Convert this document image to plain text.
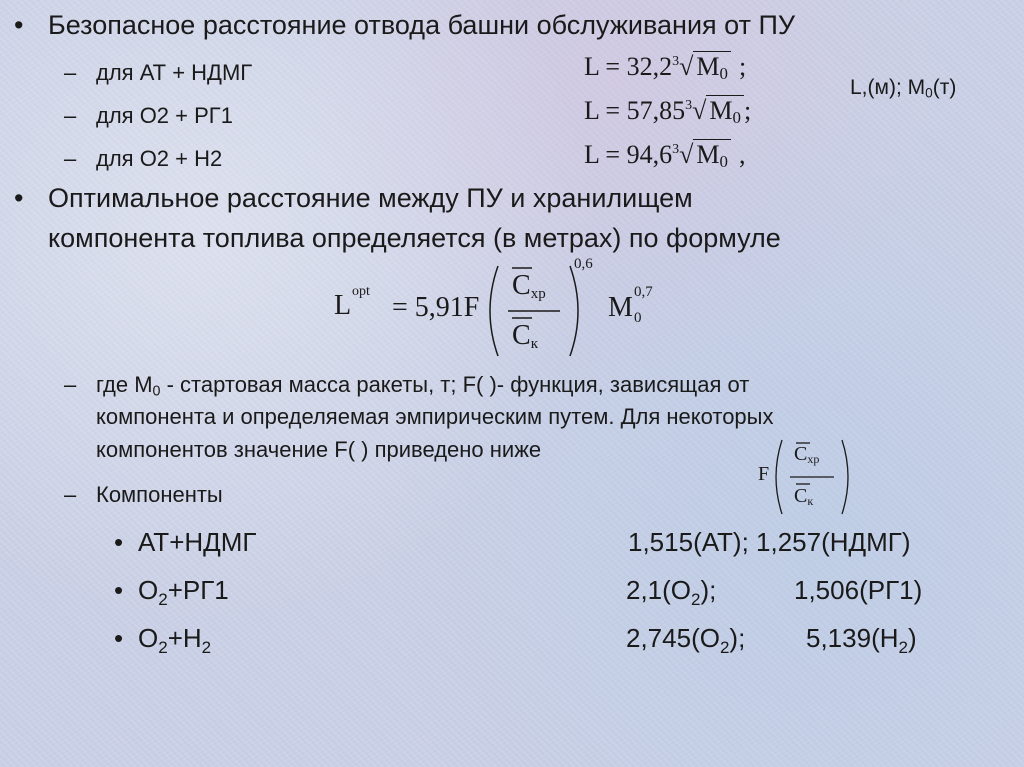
• Безопасное расстояние отвода башни обслуживания от ПУ
– для АТ + НДМГ
– для O2 + РГ1
– для O2 + Н2
$L = 32,2^3√$ $M_0$ ;
$L = 57,85^3√$ $M_0$ ;
$L = 94,6^3√$ $M_0$ ,
L,(м); $M_0(т)$
• Оптимальное расстояние между ПУ и хранилищем
компонента топлива определяется (в метрах) по формуле
L opt
= 5,91F
$C_{хр}$
$C_к$
0,6
M 0
0,7
– где $M_0$ - стартовая масса ракеты, т; F( )- функция, зависящая от
компонента и определяемая эмпирическим путем. Для некоторых
компонентов значение F( ) приведено ниже
F
$C_{хр}$
$C_к$
– Компоненты
• АТ+НДМГ	1,515(АТ); 1,257(НДМГ)
• $O_2+РГ1$	$2,1(O_2)$;	1,506(РГ1)
• $O_2+H_2$	$2,745(O_2)$; $5,139(H_2)$
